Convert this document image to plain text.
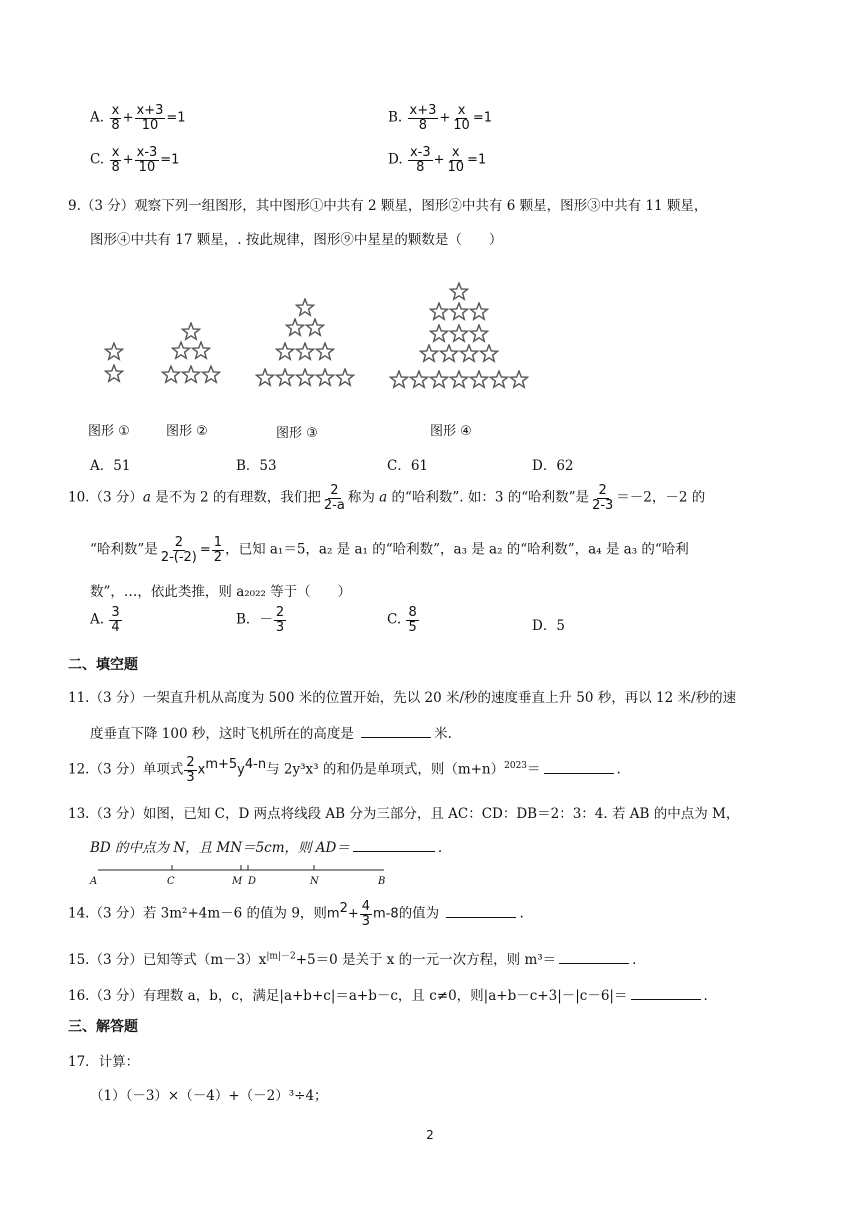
A. $\frac{x}{8} + \frac{x+3}{10} =1$	B. $\frac{x+3}{8} + \frac{x}{10} =1$
C. $\frac{x}{8} + \frac{x-3}{10} =1$	D. $\frac{x-3}{8} + \frac{x}{10} =1$
9.（3 分）观察下列一组图形，其中图形①中共有 2 颗星，图形②中共有 6 颗星，图形③中共有 11 颗星，
图形④中共有 17 颗星，. 按此规律，图形⑨中星星的颗数是（　　）
图形 ①	图形 ②	图形 ③	图形 ④
A．51	B．53	C．61	D．62
10.（3 分）a 是不为 2 的有理数，我们把 $\frac{2}{2-a}$ 称为 a 的“哈利数”. 如：3 的“哈利数”是 $\frac{2}{2-3} =-2$，－2 的
“哈利数”是 $\frac{2}{2-(-2)} = \frac{1}{2}$ ，已知 a₁＝5，a₂ 是 a₁ 的“哈利数”，a₃ 是 a₂ 的“哈利数”，a₄ 是 a₃ 的“哈利
数”，…，依此类推，则 a₂₀₂₂ 等于（　　）
A. $\frac{3}{4}$	B．－ $\frac{2}{3}$	C. $\frac{8}{5}$	D．5
二、填空题
11.（3 分）一架直升机从高度为 500 米的位置开始，先以 20 米/秒的速度垂直上升 50 秒，再以 12 米/秒的速
度垂直下降 100 秒，这时飞机所在的高度是	米.
12.（3 分）单项式 $\frac{2}{3} x^{m+5}y^{4-n}$与 2y³x³ 的和仍是单项式，则$(m+n)^{2023}=$	.
13.（3 分）如图，已知 C，D 两点将线段 AB 分为三部分，且 AC：CD：DB＝2：3：4. 若 AB 的中点为 M，
BD 的中点为 N，且 MN＝5cm，则 AD＝	.
A	C	M D	N	B
14.（3 分）若 3m²+4m－6 的值为 9，则$m^2+ \frac{4}{3} m-8$的值为	.
15.（3 分）已知等式$(m-3)x^{|m|-2}+5=0$ 是关于 x 的一元一次方程，则 m³＝	.
16.（3 分）有理数 a，b，c，满足|a+b+c|＝a+b－c，且 c≠0，则|a+b－c+3|－|c－6|＝	.
三、解答题
17．计算：
（1）（－3）×（－4）+（－2）³÷4；
2
